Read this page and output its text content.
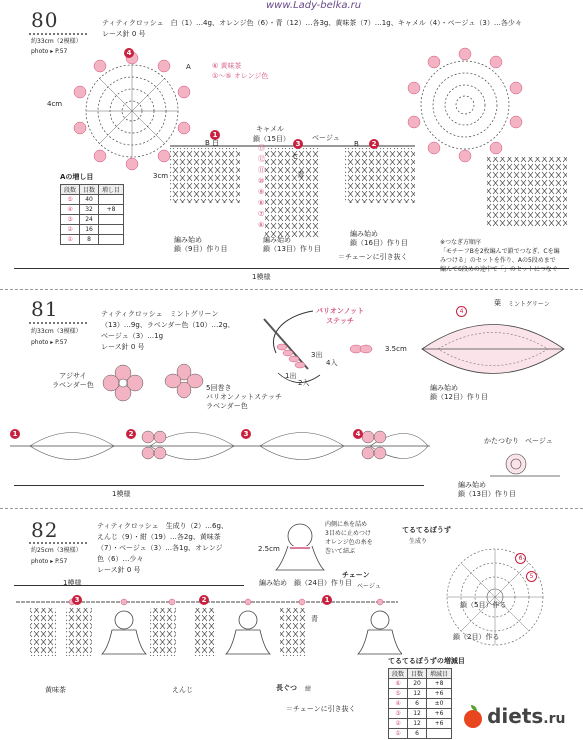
www.Lady-belka.ru
80
約33cm（2模様）
photo ▸ P.57
ティティクロッシェ　白（1）…4g、オレンジ色（6）・青（12）…各3g、黄味茶（7）…1g、キャメル（4）・ベージュ（3）…各少々
レース針 0 号
4
A	⑥ 黄味茶
①〜⑤ オレンジ色
4cm
3cm
1
B 白
キャメル
鎖（15目）
3
ベージュ
2
B
C
青
⑬
⑫
⑪
⑩
⑨
⑧
⑦
⑥
Aの増し目
段数	目数	増し目
⑤	40	
④	32	+8
③	24	
②	16	
①	8		編み始め
鎖（9目）作り目
編み始め
鎖（13目）作り目
編み始め
鎖（16目）作り目
＝チェーンに引き抜く
※つなぎ方順序
「モチーフBを2枚編んで鎖でつなぎ、Cを編みつける」のセットを作り、Aの5段めまで編んで6段めの途中で「」のセットにつなぐ
1模様
81
約33cm（3模様）
photo ▸ P.57
ティティクロッシェ　ミントグリーン
（13）…9g、ラベンダー色（10）…2g、
ベージュ（3）…1g
レース針 0 号
バリオンノット
ステッチ
3出
4入
1出
2入
4
葉 ミントグリーン
3.5cm
編み始め
鎖（12目）作り目
アジサイ
ラベンダー色	5回巻き
バリオンノットステッチ
ラベンダー色
1	2	3	4
1模様
かたつむり ベージュ
編み始め
鎖（13目）作り目
82
約25cm（3模様）
photo ▸ P.57
ティティクロッシェ　生成り（2）…6g、
えんじ（9）・紺（19）…各2g、黄味茶
（7）・ベージュ（3）…各1g、オレンジ
色（6）…少々
レース針 0 号
2.5cm
内側に糸を詰め
3目めに止めつけ
オレンジ色の糸を
巻いて結ぶ
てるてるぼうず
生成り
6
5
鎖（2目）作る
鎖（5目）作る
チェーン
ベージュ
編み始め　鎖（24目）作り目
1模様
3	2	1
青
黄味茶	えんじ	長ぐつ 紺
＝チェーンに引き抜く
てるてるぼうずの増減目
段数	目数	増減目
⑥	20	+8
⑤	12	+6
④	6	±0
③	12	+6
②	12	+6
①	6	
diets.ru
